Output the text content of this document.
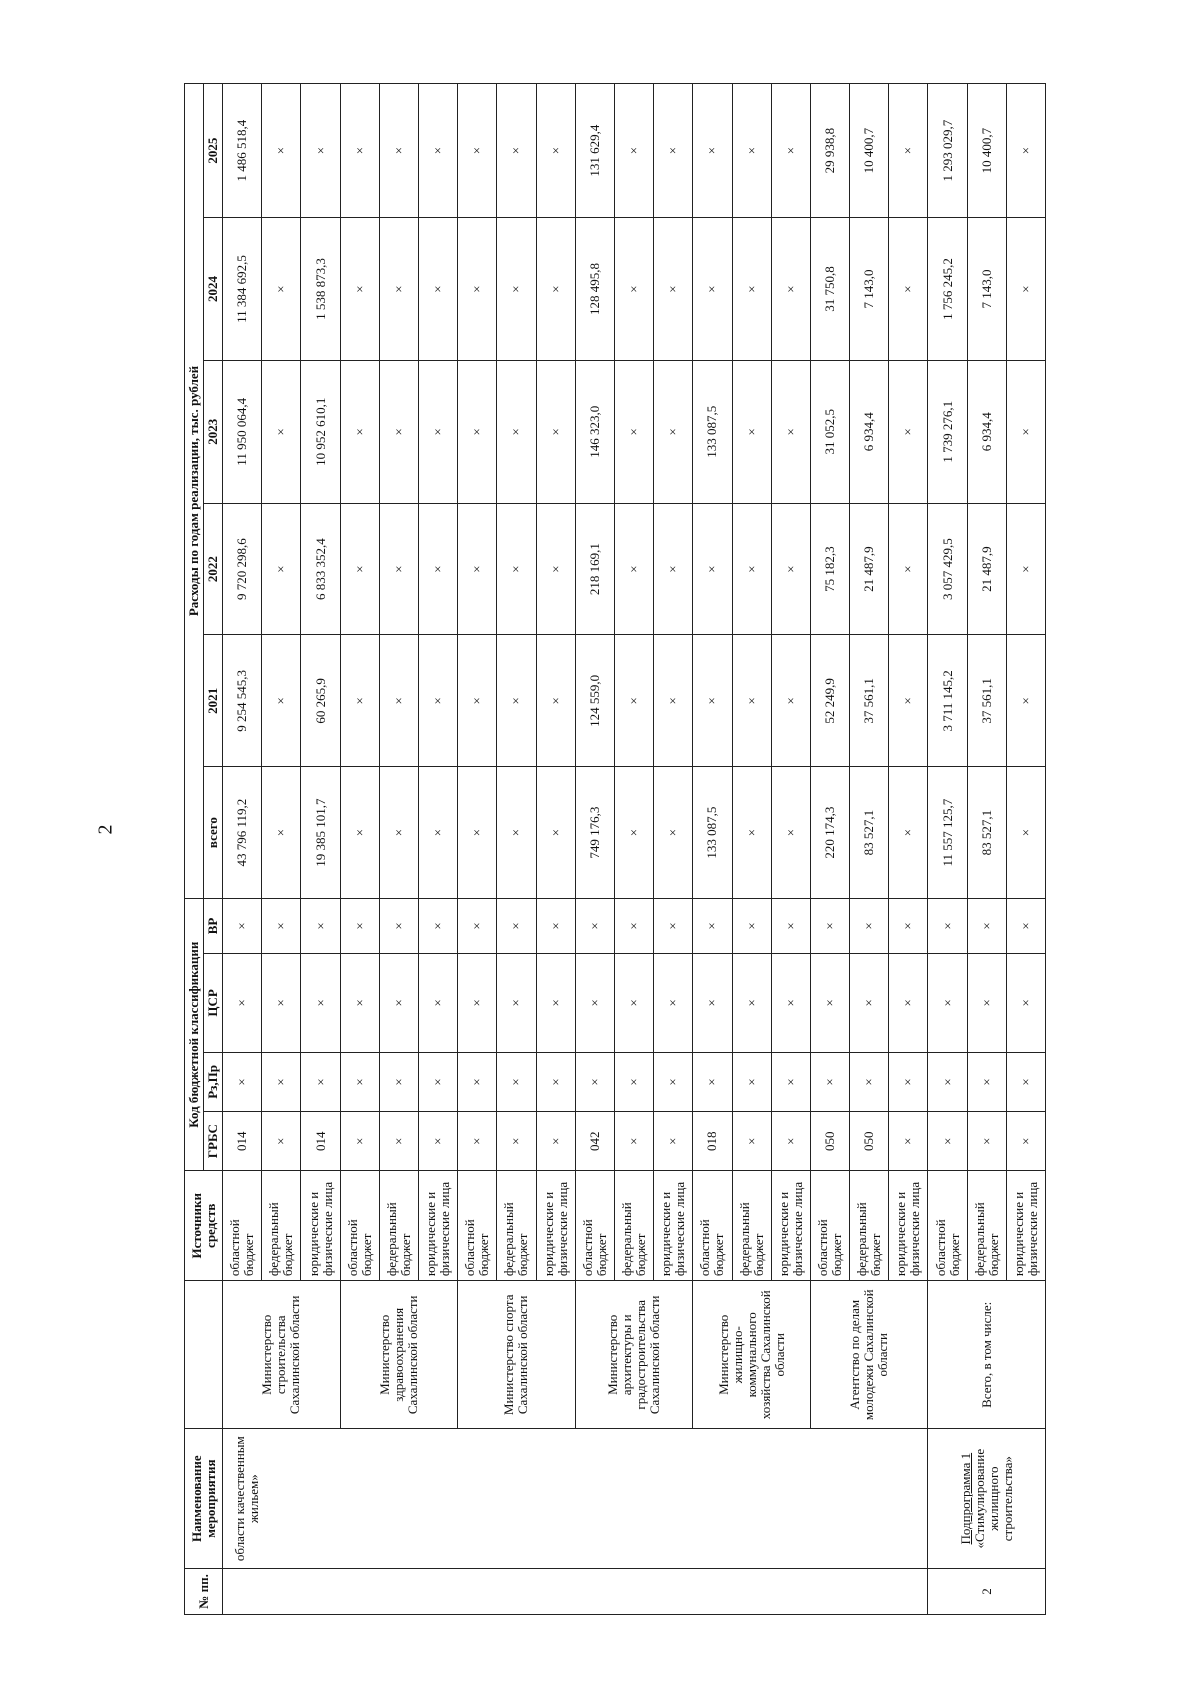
2
№ пп.	Наименование мероприятия		Источники средств	Код бюджетной классификации				Расходы по годам реализации, тыс. рублей					
				ГРБС	Рз,Пр	ЦСР	ВР	всего	2021	2022	2023	2024	2025
	области качественным жильем»	Министерство строительства Сахалинской области	областной бюджет	014	×	×	×	43 796 119,2	9 254 545,3	9 720 298,6	11 950 064,4	11 384 692,5	1 486 518,4
			федеральный бюджет	×	×	×	×	×	×	×	×	×	×
			юридические и физические лица	014	×	×	×	19 385 101,7	60 265,9	6 833 352,4	10 952 610,1	1 538 873,3	×
		Министерство здравоохранения Сахалинской области	областной бюджет	×	×	×	×	×	×	×	×	×	×
			федеральный бюджет	×	×	×	×	×	×	×	×	×	×
			юридические и физические лица	×	×	×	×	×	×	×	×	×	×
		Министерство спорта Сахалинской области	областной бюджет	×	×	×	×	×	×	×	×	×	×
			федеральный бюджет	×	×	×	×	×	×	×	×	×	×
			юридические и физические лица	×	×	×	×	×	×	×	×	×	×
		Министерство архитектуры и градостроительства Сахалинской области	областной бюджет	042	×	×	×	749 176,3	124 559,0	218 169,1	146 323,0	128 495,8	131 629,4
			федеральный бюджет	×	×	×	×	×	×	×	×	×	×
			юридические и физические лица	×	×	×	×	×	×	×	×	×	×
		Министерство жилищно-коммунального хозяйства Сахалинской области	областной бюджет	018	×	×	×	133 087,5	×	×	133 087,5	×	×
			федеральный бюджет	×	×	×	×	×	×	×	×	×	×
			юридические и физические лица	×	×	×	×	×	×	×	×	×	×
		Агентство по делам молодежи Сахалинской области	областной бюджет	050	×	×	×	220 174,3	52 249,9	75 182,3	31 052,5	31 750,8	29 938,8
			федеральный бюджет	050	×	×	×	83 527,1	37 561,1	21 487,9	6 934,4	7 143,0	10 400,7
			юридические и физические лица	×	×	×	×	×	×	×	×	×	×
2	Подпрограмма 1
«Стимулирование жилищного строительства»	Всего, в том числе:	областной бюджет	×	×	×	×	11 557 125,7	3 711 145,2	3 057 429,5	1 739 276,1	1 756 245,2	1 293 029,7
			федеральный бюджет	×	×	×	×	83 527,1	37 561,1	21 487,9	6 934,4	7 143,0	10 400,7
			юридические и физические лица	×	×	×	×	×	×	×	×	×	×
